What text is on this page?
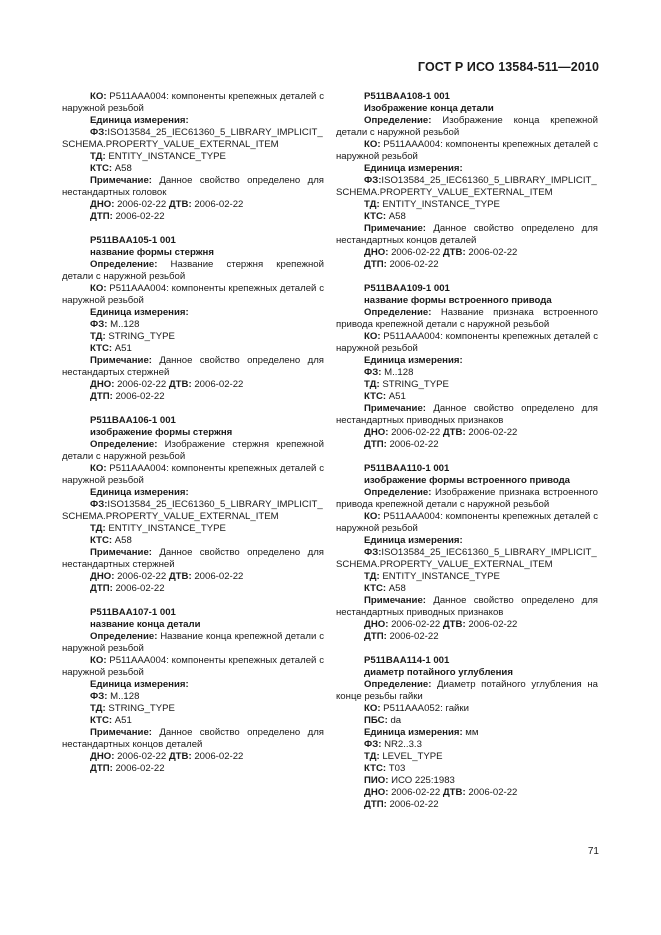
ГОСТ Р ИСО 13584-511—2010
КО: P511AAA004: компоненты крепежных деталей с наружной резьбой
Единица измерения:
ФЗ:ISO13584_25_IEC61360_5_LIBRARY_IMPLICIT_SCHEMA.PROPERTY_VALUE_EXTERNAL_ITEM
ТД: ENTITY_INSTANCE_TYPE
КТС: A58
Примечание: Данное свойство определено для нестандартных головок
ДНО: 2006-02-22 ДТВ: 2006-02-22
ДТП: 2006-02-22
P511BAA105-1 001
название формы стержня
Определение: Название стержня крепежной детали с наружной резьбой
КО: P511AAA004: компоненты крепежных деталей с наружной резьбой
Единица измерения:
ФЗ: M..128
ТД: STRING_TYPE
КТС: A51
Примечание: Данное свойство определено для нестандартых стержней
ДНО: 2006-02-22 ДТВ: 2006-02-22
ДТП: 2006-02-22
P511BAA106-1 001
изображение формы стержня
Определение: Изображение стержня крепежной детали с наружной резьбой
КО: P511AAA004: компоненты крепежных деталей с наружной резьбой
Единица измерения:
ФЗ:ISO13584_25_IEC61360_5_LIBRARY_IMPLICIT_SCHEMA.PROPERTY_VALUE_EXTERNAL_ITEM
ТД: ENTITY_INSTANCE_TYPE
КТС: A58
Примечание: Данное свойство определено для нестандартных стержней
ДНО: 2006-02-22 ДТВ: 2006-02-22
ДТП: 2006-02-22
P511BAA107-1 001
название конца детали
Определение: Название конца крепежной детали с наружной резьбой
КО: P511AAA004: компоненты крепежных деталей с наружной резьбой
Единица измерения:
ФЗ: M..128
ТД: STRING_TYPE
КТС: A51
Примечание: Данное свойство определено для нестандартных концов деталей
ДНО: 2006-02-22 ДТВ: 2006-02-22
ДТП: 2006-02-22
P511BAA108-1 001
Изображение конца детали
Определение: Изображение конца крепежной детали с наружной резьбой
КО: P511AAA004: компоненты крепежных деталей с наружной резьбой
Единица измерения:
ФЗ:ISO13584_25_IEC61360_5_LIBRARY_IMPLICIT_SCHEMA.PROPERTY_VALUE_EXTERNAL_ITEM
ТД: ENTITY_INSTANCE_TYPE
КТС: A58
Примечание: Данное свойство определено для нестандартных концов деталей
ДНО: 2006-02-22 ДТВ: 2006-02-22
ДТП: 2006-02-22
P511BAA109-1 001
название формы встроенного привода
Определение: Название признака встроенного привода крепежной детали с наружной резьбой
КО: P511AAA004: компоненты крепежных деталей с наружной резьбой
Единица измерения:
ФЗ: M..128
ТД: STRING_TYPE
КТС: A51
Примечание: Данное свойство определено для нестандартных приводных признаков
ДНО: 2006-02-22 ДТВ: 2006-02-22
ДТП: 2006-02-22
P511BAA110-1 001
изображение формы встроенного привода
Определение: Изображение признака встроенного привода крепежной детали с наружной резьбой
КО: P511AAA004: компоненты крепежных деталей с наружной резьбой
Единица измерения:
ФЗ:ISO13584_25_IEC61360_5_LIBRARY_IMPLICIT_SCHEMA.PROPERTY_VALUE_EXTERNAL_ITEM
ТД: ENTITY_INSTANCE_TYPE
КТС: A58
Примечание: Данное свойство определено для нестандартных приводных признаков
ДНО: 2006-02-22 ДТВ: 2006-02-22
ДТП: 2006-02-22
P511BAA114-1 001
диаметр потайного углубления
Определение: Диаметр потайного углубления на конце резьбы гайки
КО: P511AAA052: гайки
ПБС: da
Единица измерения: мм
ФЗ: NR2..3.3
ТД: LEVEL_TYPE
КТС: T03
ПИО: ИСО 225:1983
ДНО: 2006-02-22 ДТВ: 2006-02-22
ДТП: 2006-02-22
71
